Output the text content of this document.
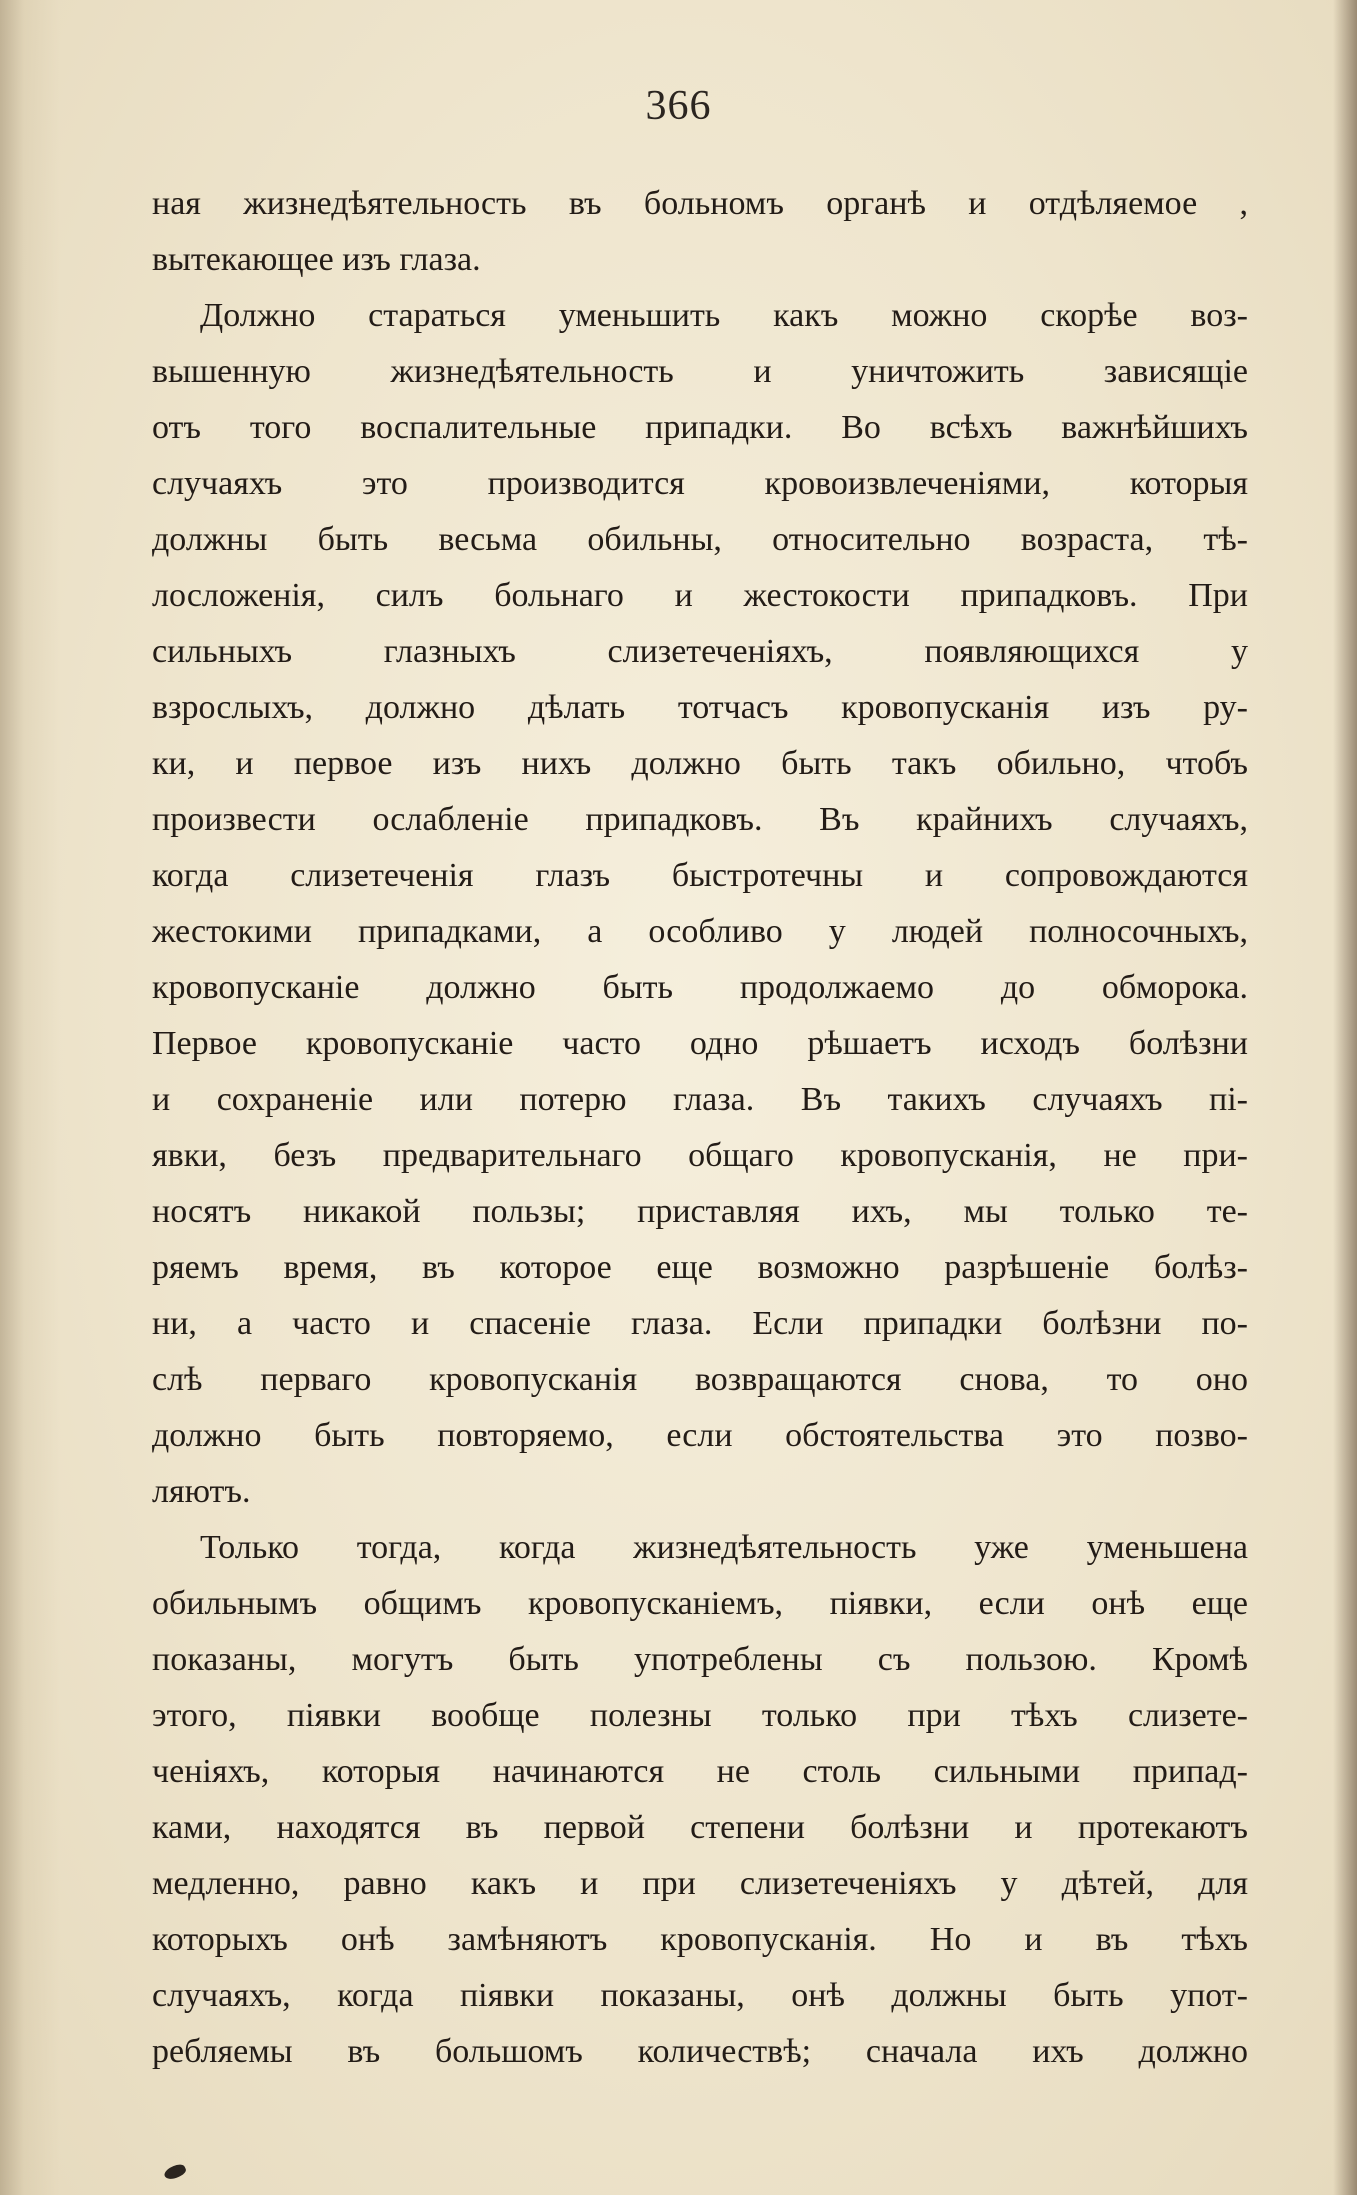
366
ная жизнедѣятельность въ больномъ органѣ и отдѣляемое ,
вытекающее изъ глаза.
Должно стараться уменьшить какъ можно скорѣе воз-
вышенную жизнедѣятельность и уничтожить зависящіе
отъ того воспалительные припадки. Во всѣхъ важнѣйшихъ
случаяхъ это производится кровоизвлеченіями, которыя
должны быть весьма обильны, относительно возраста, тѣ-
лосложенія, силъ больнаго и жестокости припадковъ. При
сильныхъ глазныхъ слизетеченіяхъ, появляющихся у
взрослыхъ, должно дѣлать тотчасъ кровопусканія изъ ру-
ки, и первое изъ нихъ должно быть такъ обильно, чтобъ
произвести ослабленіе припадковъ. Въ крайнихъ случаяхъ,
когда слизетеченія глазъ быстротечны и сопровождаются
жестокими припадками, а особливо у людей полносочныхъ,
кровопусканіе должно быть продолжаемо до обморока.
Первое кровопусканіе часто одно рѣшаетъ исходъ болѣзни
и сохраненіе или потерю глаза. Въ такихъ случаяхъ пі-
явки, безъ предварительнаго общаго кровопусканія, не при-
носятъ никакой пользы; приставляя ихъ, мы только те-
ряемъ время, въ которое еще возможно разрѣшеніе болѣз-
ни, а часто и спасеніе глаза. Если припадки болѣзни по-
слѣ перваго кровопусканія возвращаются снова, то оно
должно быть повторяемо, если обстоятельства это позво-
ляютъ.
Только тогда, когда жизнедѣятельность уже уменьшена
обильнымъ общимъ кровопусканіемъ, піявки, если онѣ еще
показаны, могутъ быть употреблены съ пользою. Кромѣ
этого, піявки вообще полезны только при тѣхъ слизете-
ченіяхъ, которыя начинаются не столь сильными припад-
ками, находятся въ первой степени болѣзни и протекаютъ
медленно, равно какъ и при слизетеченіяхъ у дѣтей, для
которыхъ онѣ замѣняютъ кровопусканія. Но и въ тѣхъ
случаяхъ, когда піявки показаны, онѣ должны быть упот-
ребляемы въ большомъ количествѣ; сначала ихъ должно
